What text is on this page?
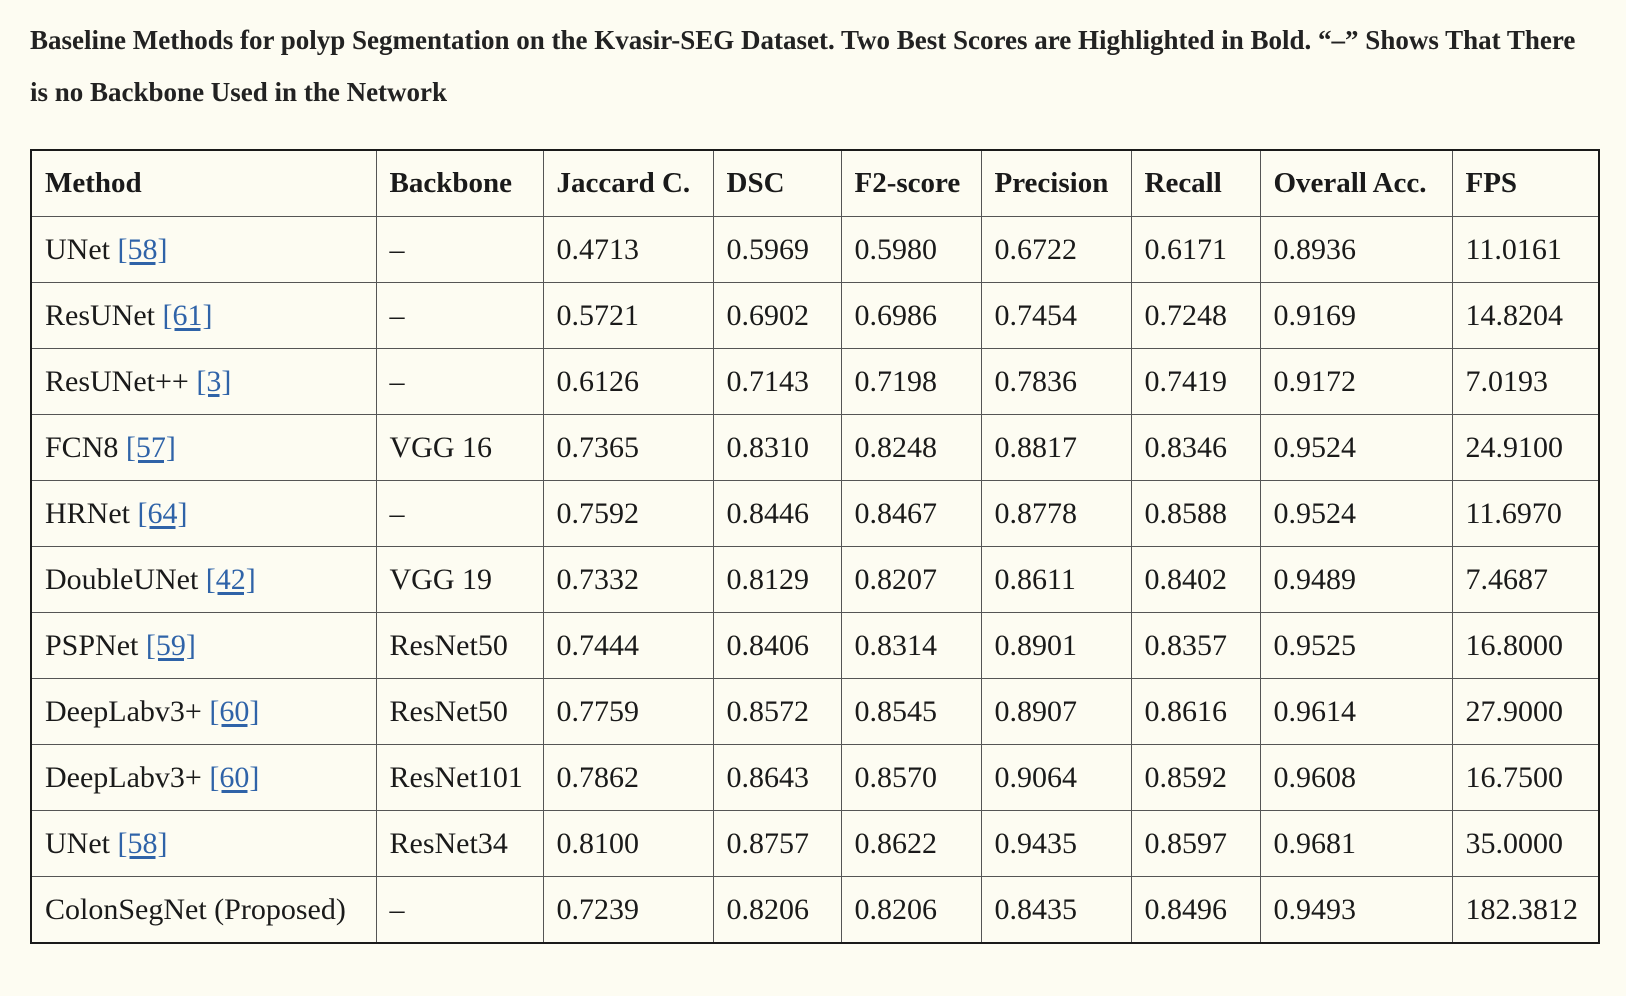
Baseline Methods for polyp Segmentation on the Kvasir-SEG Dataset. Two Best Scores are Highlighted in Bold. “–” Shows That There is no Backbone Used in the Network
Method	Backbone	Jaccard C.	DSC	F2-score	Precision	Recall	Overall Acc.	FPS
UNet [58]	–	0.4713	0.5969	0.5980	0.6722	0.6171	0.8936	11.0161
ResUNet [61]	–	0.5721	0.6902	0.6986	0.7454	0.7248	0.9169	14.8204
ResUNet++ [3]	–	0.6126	0.7143	0.7198	0.7836	0.7419	0.9172	7.0193
FCN8 [57]	VGG 16	0.7365	0.8310	0.8248	0.8817	0.8346	0.9524	24.9100
HRNet [64]	–	0.7592	0.8446	0.8467	0.8778	0.8588	0.9524	11.6970
DoubleUNet [42]	VGG 19	0.7332	0.8129	0.8207	0.8611	0.8402	0.9489	7.4687
PSPNet [59]	ResNet50	0.7444	0.8406	0.8314	0.8901	0.8357	0.9525	16.8000
DeepLabv3+ [60]	ResNet50	0.7759	0.8572	0.8545	0.8907	0.8616	0.9614	27.9000
DeepLabv3+ [60]	ResNet101	0.7862	0.8643	0.8570	0.9064	0.8592	0.9608	16.7500
UNet [58]	ResNet34	0.8100	0.8757	0.8622	0.9435	0.8597	0.9681	35.0000
ColonSegNet (Proposed)	–	0.7239	0.8206	0.8206	0.8435	0.8496	0.9493	182.3812
